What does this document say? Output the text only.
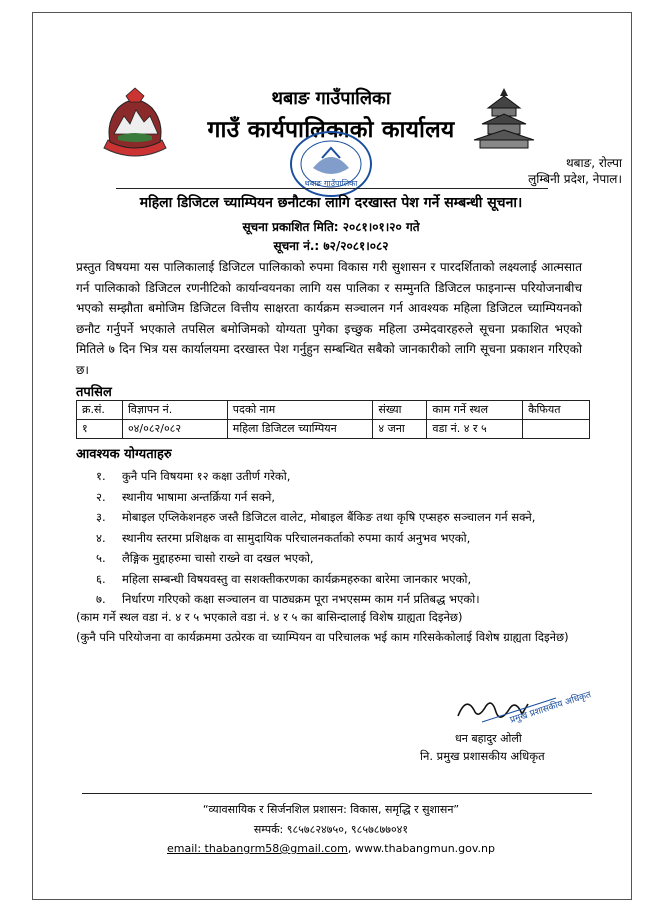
थबाङ गाउँपालिका
गाउँ कार्यपालिकाको कार्यालय
थबाङ गाउँपालिका
थबाङ, रोल्पा
लुम्बिनी प्रदेश, नेपाल।
महिला डिजिटल च्याम्पियन छनौटका लागि दरखास्त पेश गर्ने सम्बन्धी सूचना।
सूचना प्रकाशित मिति: २०८१।०१।२० गते
सूचना नं.: ७२/२०८१।०८२
प्रस्तुत विषयमा यस पालिकालाई डिजिटल पालिकाको रुपमा विकास गरी सुशासन र पारदर्शिताको लक्ष्यलाई आत्मसात गर्न पालिकाको डिजिटल रणनीटिको कार्यान्वयनका लागि यस पालिका र सम्मुनति डिजिटल फाइनान्स परियोजनाबीच भएको सम्झौता बमोजिम डिजिटल वित्तीय साक्षरता कार्यक्रम सञ्चालन गर्न आवश्यक महिला डिजिटल च्याम्पियनको छनौट गर्नुपर्ने भएकाले तपसिल बमोजिमको योग्यता पुगेका इच्छुक महिला उम्मेदवारहरुले सूचना प्रकाशित भएको मितिले ७ दिन भित्र यस कार्यालयमा दरखास्त पेश गर्नुहुन सम्बन्धित सबैको जानकारीको लागि सूचना प्रकाशन गरिएको छ।
तपसिल
क्र.सं.	विज्ञापन नं.	पदको नाम	संख्या	काम गर्ने स्थल	कैफियत
१	०४/०८२/०८२	महिला डिजिटल च्याम्पियन	४ जना	वडा नं. ४ र ५	
आवश्यक योग्यताहरु
१. कुनै पनि विषयमा १२ कक्षा उतीर्ण गरेको,
२. स्थानीय भाषामा अन्तर्क्रिया गर्न सक्ने,
३. मोबाइल एप्लिकेशनहरु जस्तै डिजिटल वालेट, मोबाइल बैंकिङ तथा कृषि एप्सहरु सञ्चालन गर्न सक्ने,
४. स्थानीय स्तरमा प्रशिक्षक वा सामुदायिक परिचालनकर्ताको रुपमा कार्य अनुभव भएको,
५. लैङ्गिक मुद्दाहरुमा चासो राख्ने वा दखल भएको,
६. महिला सम्बन्धी विषयवस्तु वा सशक्तीकरणका कार्यक्रमहरुका बारेमा जानकार भएको,
७. निर्धारण गरिएको कक्षा सञ्चालन वा पाठ्यक्रम पूरा नभएसम्म काम गर्न प्रतिबद्ध भएको।
(काम गर्ने स्थल वडा नं. ४ र ५ भएकाले वडा नं. ४ र ५ का बासिन्दालाई विशेष ग्राह्यता दिइनेछ)
(कुनै पनि परियोजना वा कार्यक्रममा उत्प्रेरक वा च्याम्पियन वा परिचालक भई काम गरिसकेकोलाई विशेष ग्राह्यता दिइनेछ)
प्रमुख प्रशासकीय अधिकृत
धन बहादुर ओली
नि. प्रमुख प्रशासकीय अधिकृत
“व्यावसायिक र सिर्जनशिल प्रशासन: विकास, समृद्धि र सुशासन”
सम्पर्क: ९८५७८२४७५०, ९८५७८७७०४१
email: thabangrm58@gmail.com, www.thabangmun.gov.np
